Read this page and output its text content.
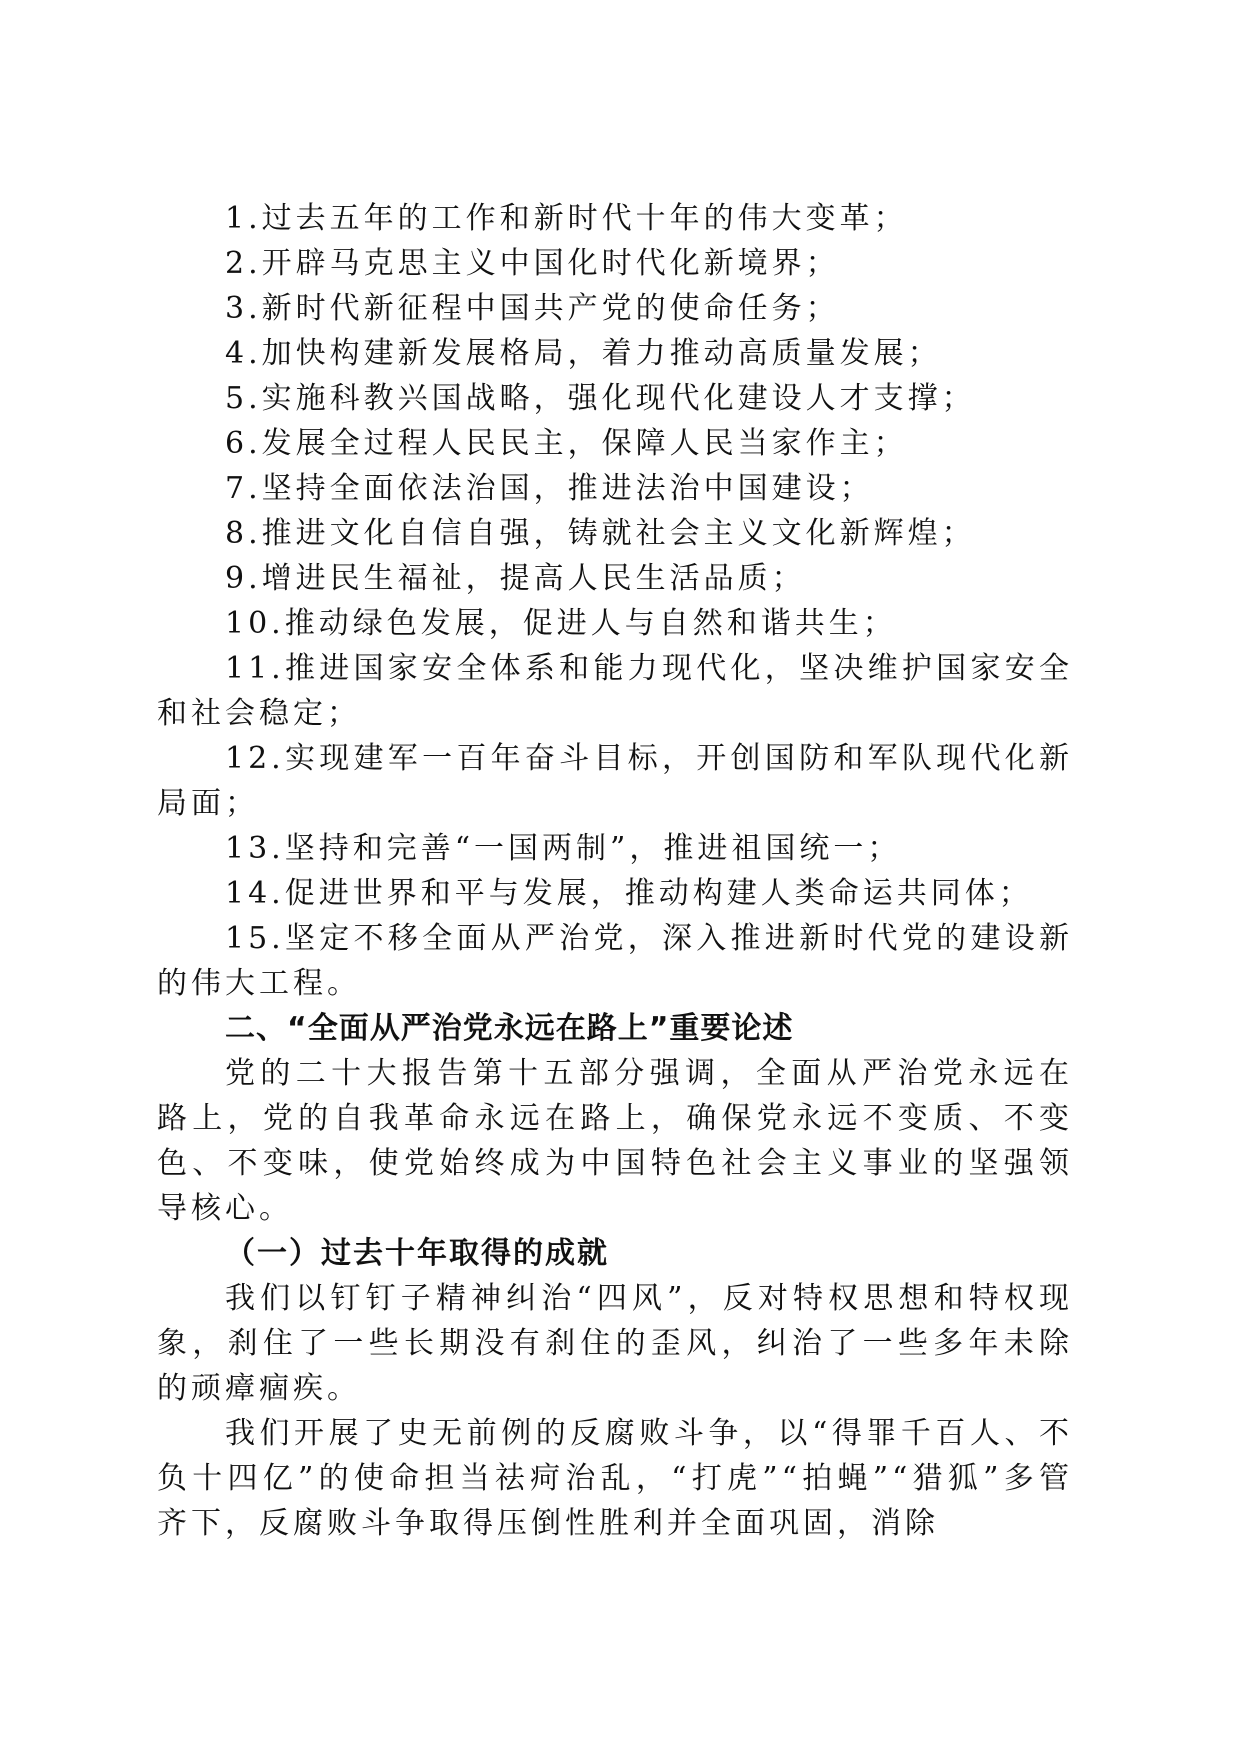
1.过去五年的工作和新时代十年的伟大变革；

2.开辟马克思主义中国化时代化新境界；

3.新时代新征程中国共产党的使命任务；

4.加快构建新发展格局，着力推动高质量发展；

5.实施科教兴国战略，强化现代化建设人才支撑；

6.发展全过程人民民主，保障人民当家作主；

7.坚持全面依法治国，推进法治中国建设；

8.推进文化自信自强，铸就社会主义文化新辉煌；

9.增进民生福祉，提高人民生活品质；

10.推动绿色发展，促进人与自然和谐共生；

11.推进国家安全体系和能力现代化，坚决维护国家安全和社会稳定；

12.实现建军一百年奋斗目标，开创国防和军队现代化新局面；

13.坚持和完善“一国两制”，推进祖国统一；

14.促进世界和平与发展，推动构建人类命运共同体；

15.坚定不移全面从严治党，深入推进新时代党的建设新的伟大工程。

二、“全面从严治党永远在路上”重要论述

党的二十大报告第十五部分强调，全面从严治党永远在路上，党的自我革命永远在路上，确保党永远不变质、不变色、不变味，使党始终成为中国特色社会主义事业的坚强领导核心。

（一）过去十年取得的成就

我们以钉钉子精神纠治“四风”，反对特权思想和特权现象，刹住了一些长期没有刹住的歪风，纠治了一些多年未除的顽瘴痼疾。

我们开展了史无前例的反腐败斗争，以“得罪千百人、不负十四亿”的使命担当祛疴治乱，“打虎”“拍蝇”“猎狐”多管齐下，反腐败斗争取得压倒性胜利并全面巩固，消除
